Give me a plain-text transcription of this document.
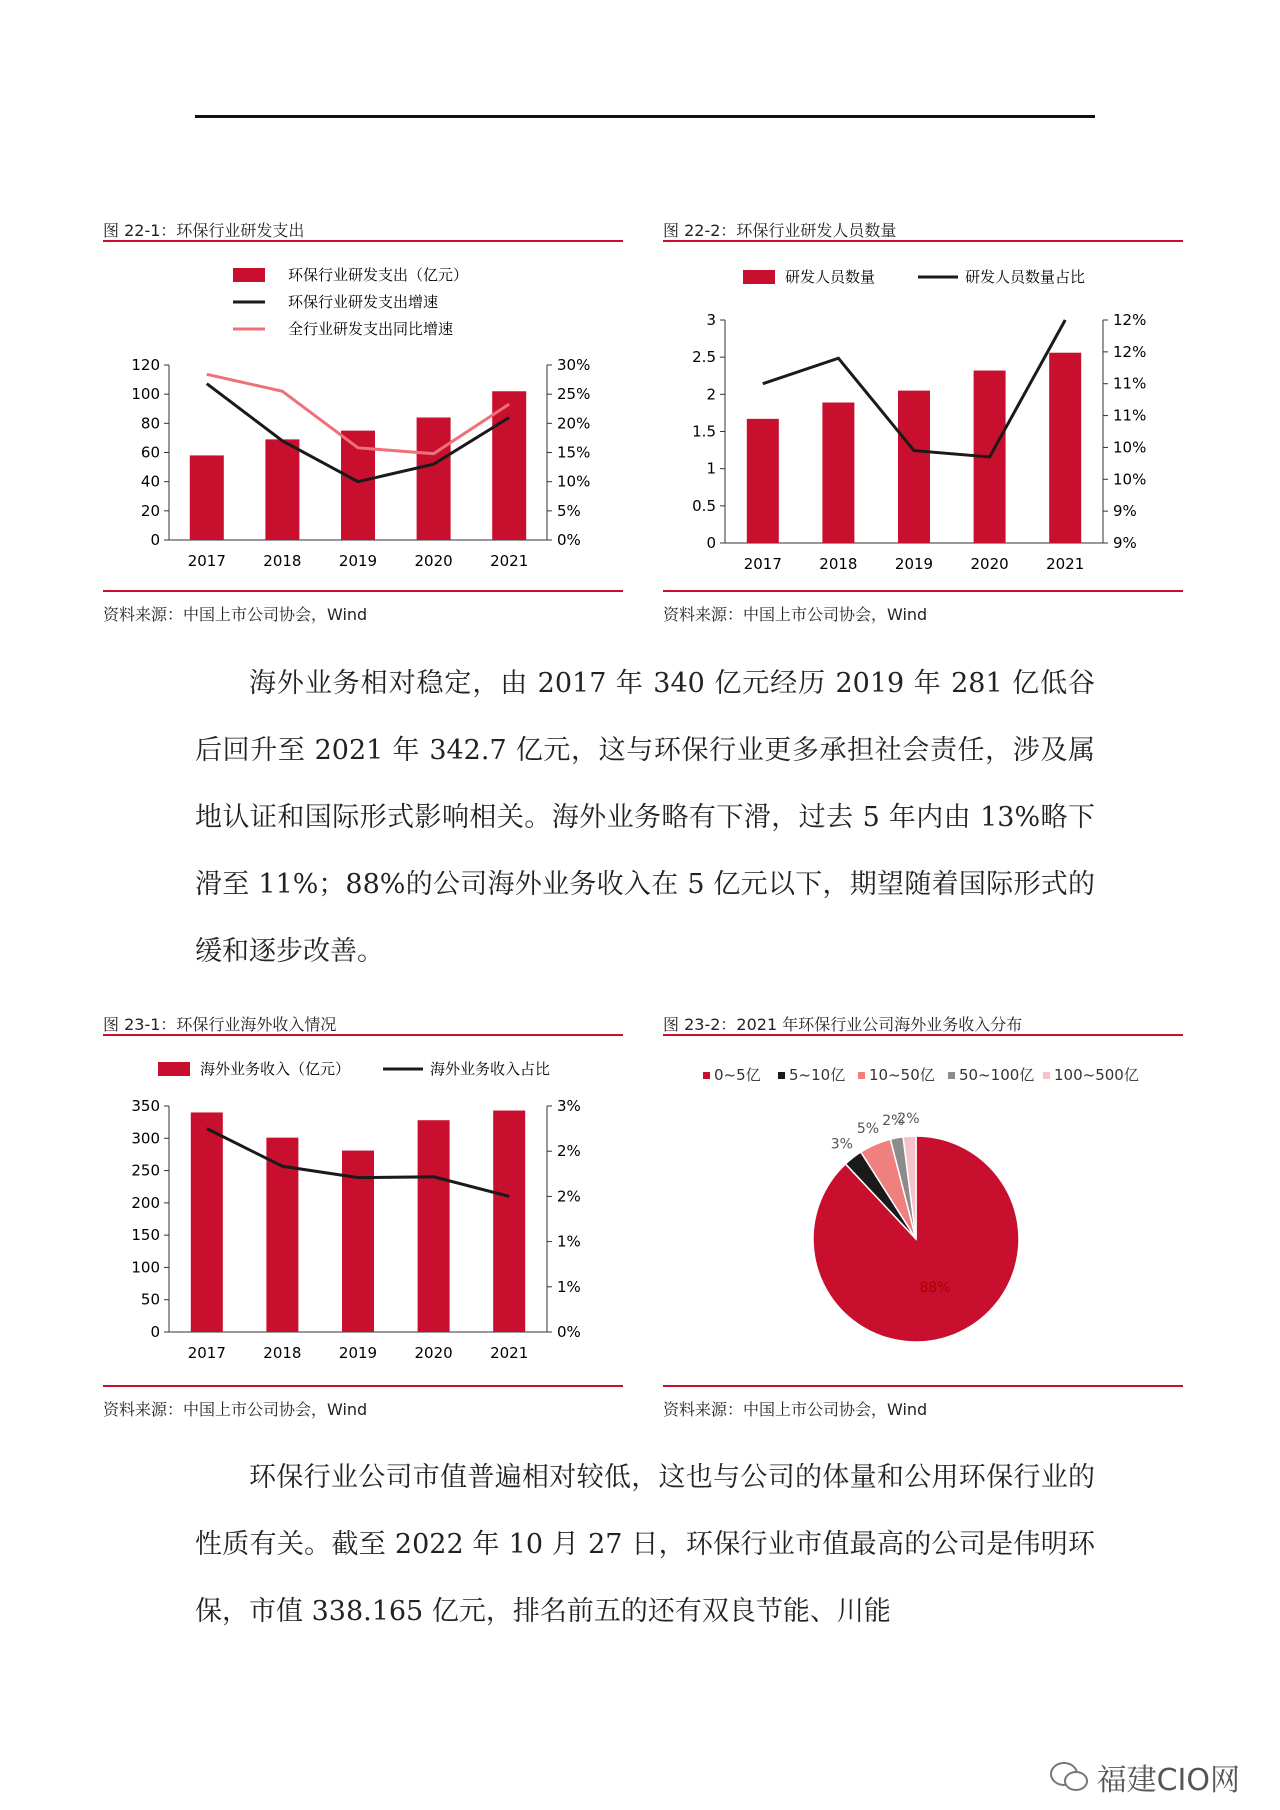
图 22-1：环保行业研发支出
环保行业研发支出（亿元）
环保行业研发支出增速
全行业研发支出同比增速
120
100
80
60
40
20
0
30%
25%
20%
15%
10%
5%
0%
2017 2018 2019 2020 2021
资料来源：中国上市公司协会，Wind
图 22-2：环保行业研发人员数量
研发人员数量	研发人员数量占比
3
2.5
2
1.5
1
0.5
0
12%
12%
11%
11%
10%
10%
9%
9%
2017 2018 2019 2020 2021
资料来源：中国上市公司协会，Wind

海外业务相对稳定，由 2017 年 340 亿元经历 2019 年 281 亿低谷后回升至 2021 年 342.7 亿元，这与环保行业更多承担社会责任，涉及属地认证和国际形式影响相关。海外业务略有下滑，过去 5 年内由 13%略下滑至 11%；88%的公司海外业务收入在 5 亿元以下，期望随着国际形式的缓和逐步改善。

图 23-1：环保行业海外收入情况
海外业务收入（亿元）	海外业务收入占比
350
300
250
200
150
100
50
0
3%
2%
2%
1%
1%
0%
2017 2018 2019 2020 2021
资料来源：中国上市公司协会，Wind
图 23-2：2021 年环保行业公司海外业务收入分布
0~5亿 5~10亿 10~50亿 50~100亿 100~500亿
88%
3%
5% 2%
2%
资料来源：中国上市公司协会，Wind

环保行业公司市值普遍相对较低，这也与公司的体量和公用环保行业的性质有关。截至 2022 年 10 月 27 日，环保行业市值最高的公司是伟明环保，市值 338.165 亿元，排名前五的还有双良节能、川能

福建CIO网
